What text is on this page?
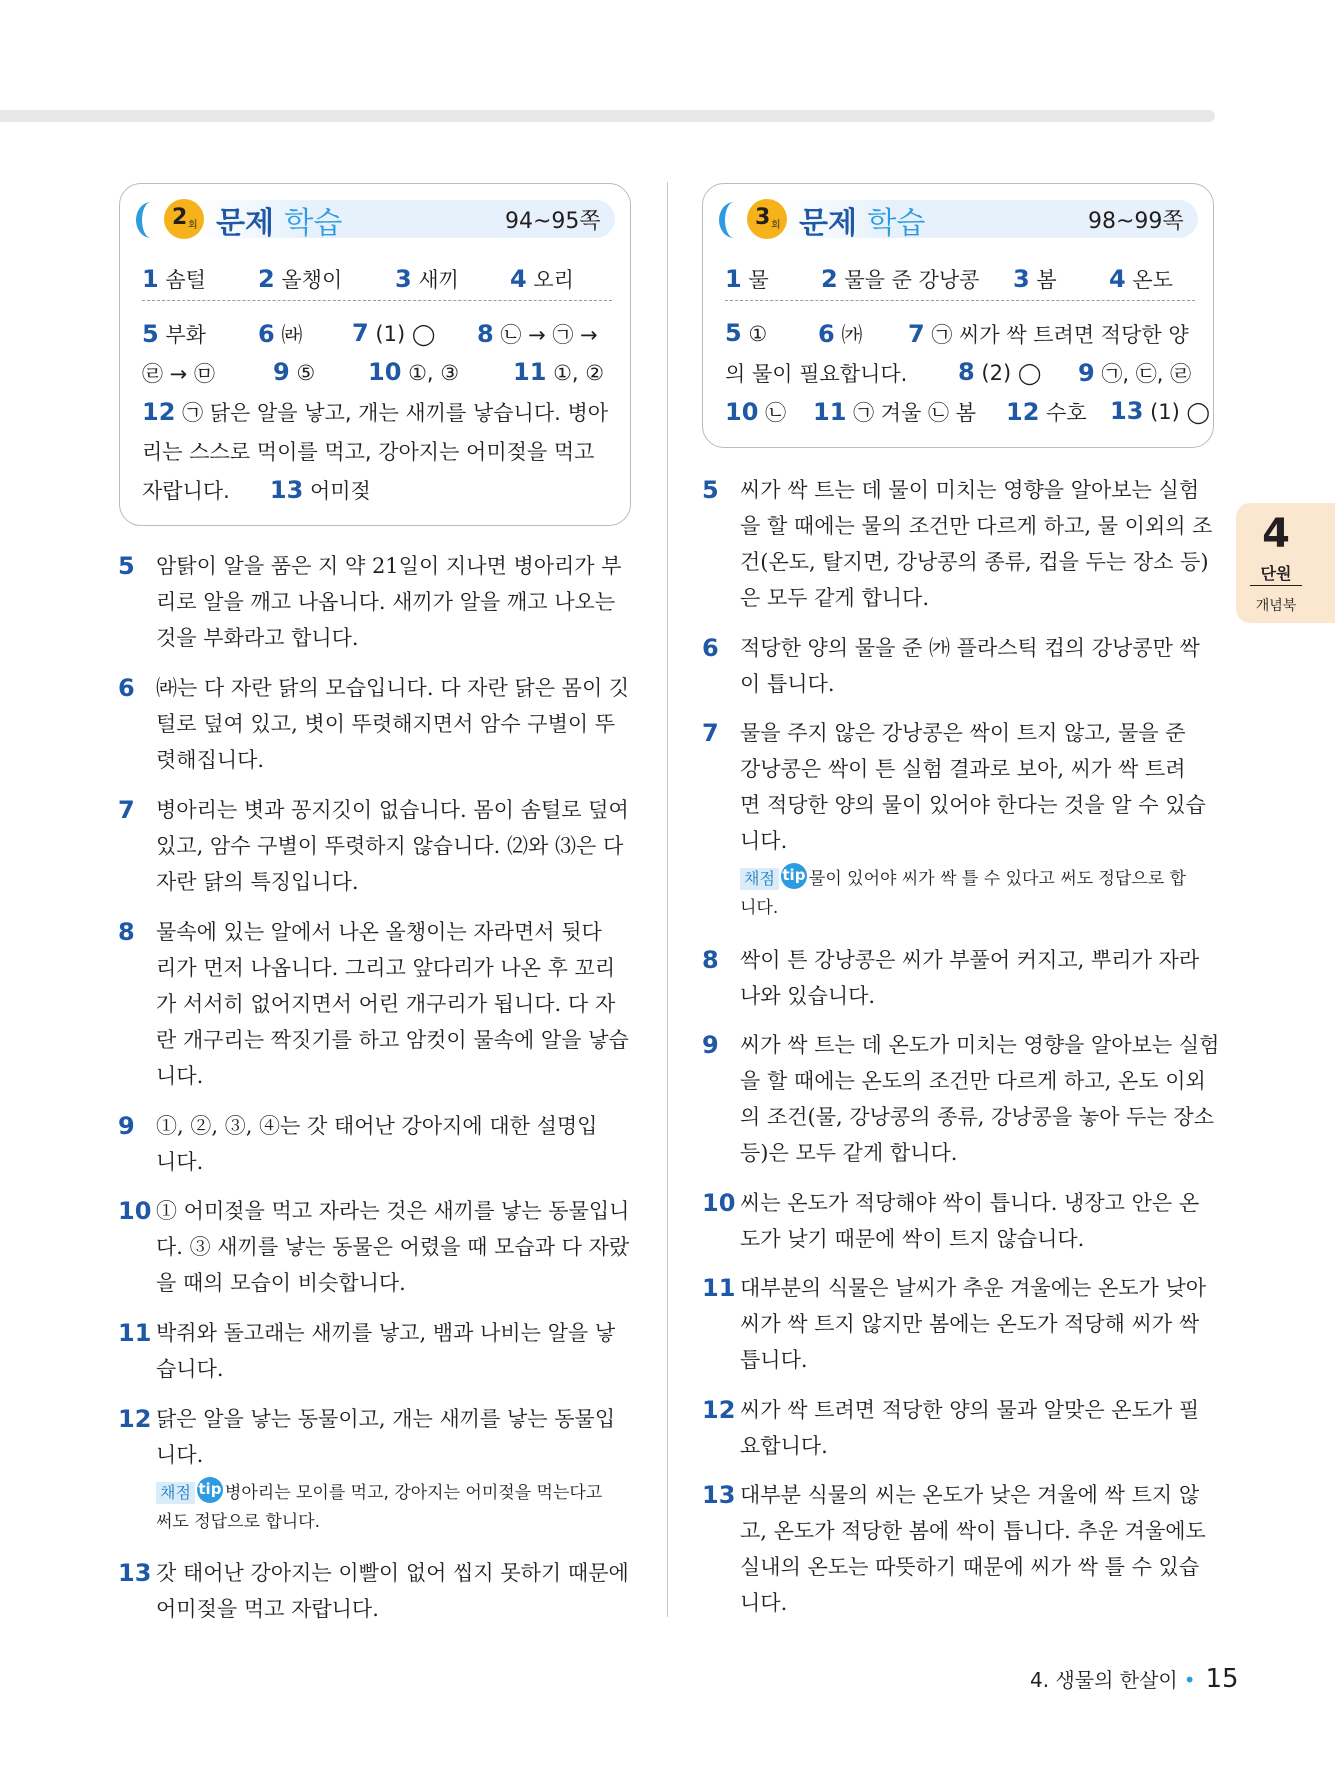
2 회 문제 학습	94~95쪽
1 솜털 2 올챙이 3 새끼 4 오리
5 부화 6 ㈑ 7 (1) ◯ 8 ㉡ → ㉠ →
㉣ → ㉤ 9 ⑤ 10 ①, ③ 11 ①, ②
12 ㉠ 닭은 알을 낳고, 개는 새끼를 낳습니다. 병아
리는 스스로 먹이를 먹고, 강아지는 어미젖을 먹고
자랍니다. 13 어미젖
3 회 문제 학습	98~99쪽
1 물 2 물을 준 강낭콩 3 봄 4 온도
5 ① 6 ㈎ 7 ㉠ 씨가 싹 트려면 적당한 양
의 물이 필요합니다. 8 (2) ◯ 9 ㉠, ㉢, ㉣
10 ㉡ 11 ㉠ 겨울 ㉡ 봄 12 수호 13 (1) ◯
5 암탉이 알을 품은 지 약 21일이 지나면 병아리가 부
리로 알을 깨고 나옵니다. 새끼가 알을 깨고 나오는
것을 부화라고 합니다.
6 ㈑는 다 자란 닭의 모습입니다. 다 자란 닭은 몸이 깃
털로 덮여 있고, 볏이 뚜렷해지면서 암수 구별이 뚜
렷해집니다.
7 병아리는 볏과 꽁지깃이 없습니다. 몸이 솜털로 덮여
있고, 암수 구별이 뚜렷하지 않습니다. ⑵와 ⑶은 다
자란 닭의 특징입니다.
8 물속에 있는 알에서 나온 올챙이는 자라면서 뒷다
리가 먼저 나옵니다. 그리고 앞다리가 나온 후 꼬리
가 서서히 없어지면서 어린 개구리가 됩니다. 다 자
란 개구리는 짝짓기를 하고 암컷이 물속에 알을 낳습
니다.
9 ①, ②, ③, ④는 갓 태어난 강아지에 대한 설명입
니다.
10 ① 어미젖을 먹고 자라는 것은 새끼를 낳는 동물입니
다. ③ 새끼를 낳는 동물은 어렸을 때 모습과 다 자랐
을 때의 모습이 비슷합니다.
11 박쥐와 돌고래는 새끼를 낳고, 뱀과 나비는 알을 낳
습니다.
12 닭은 알을 낳는 동물이고, 개는 새끼를 낳는 동물입
니다.
채점 tip 병아리는 모이를 먹고, 강아지는 어미젖을 먹는다고
써도 정답으로 합니다.
13 갓 태어난 강아지는 이빨이 없어 씹지 못하기 때문에
어미젖을 먹고 자랍니다.
5 씨가 싹 트는 데 물이 미치는 영향을 알아보는 실험
을 할 때에는 물의 조건만 다르게 하고, 물 이외의 조
건(온도, 탈지면, 강낭콩의 종류, 컵을 두는 장소 등)
은 모두 같게 합니다.
6 적당한 양의 물을 준 ㈎ 플라스틱 컵의 강낭콩만 싹
이 틉니다.
7 물을 주지 않은 강낭콩은 싹이 트지 않고, 물을 준
강낭콩은 싹이 튼 실험 결과로 보아, 씨가 싹 트려
면 적당한 양의 물이 있어야 한다는 것을 알 수 있습
니다.
채점 tip 물이 있어야 씨가 싹 틀 수 있다고 써도 정답으로 합
니다.
8 싹이 튼 강낭콩은 씨가 부풀어 커지고, 뿌리가 자라
나와 있습니다.
9 씨가 싹 트는 데 온도가 미치는 영향을 알아보는 실험
을 할 때에는 온도의 조건만 다르게 하고, 온도 이외
의 조건(물, 강낭콩의 종류, 강낭콩을 놓아 두는 장소
등)은 모두 같게 합니다.
10 씨는 온도가 적당해야 싹이 틉니다. 냉장고 안은 온
도가 낮기 때문에 싹이 트지 않습니다.
11 대부분의 식물은 날씨가 추운 겨울에는 온도가 낮아
씨가 싹 트지 않지만 봄에는 온도가 적당해 씨가 싹
틉니다.
12 씨가 싹 트려면 적당한 양의 물과 알맞은 온도가 필
요합니다.
13 대부분 식물의 씨는 온도가 낮은 겨울에 싹 트지 않
고, 온도가 적당한 봄에 싹이 틉니다. 추운 겨울에도
실내의 온도는 따뜻하기 때문에 씨가 싹 틀 수 있습
니다.
4
단원
개념북
4. 생물의 한살이 • 15
